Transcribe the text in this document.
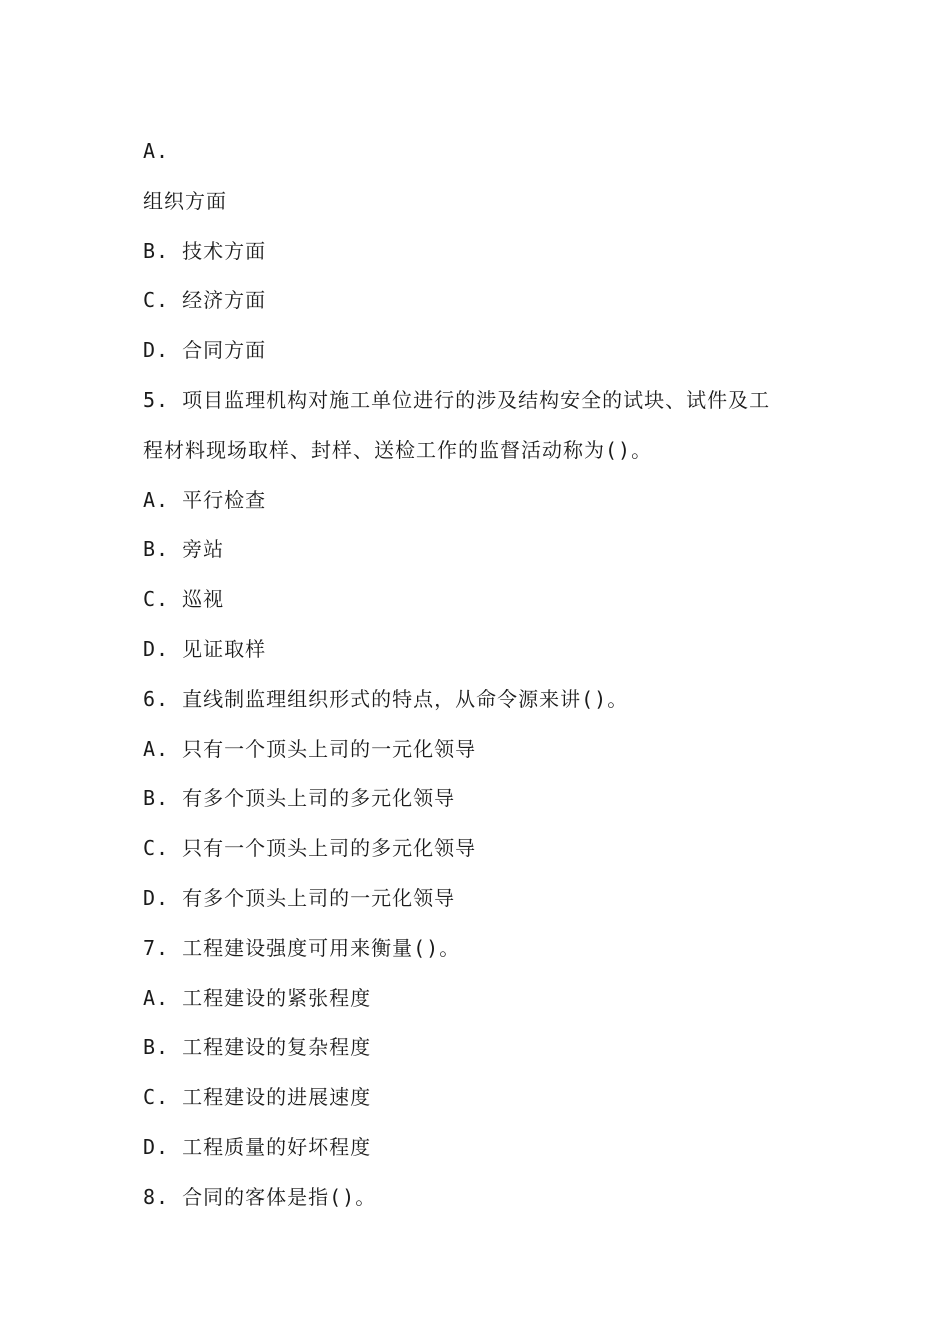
A.
组织方面
B. 技术方面
C. 经济方面
D. 合同方面
5. 项目监理机构对施工单位进行的涉及结构安全的试块、试件及工
程材料现场取样、封样、送检工作的监督活动称为()。
A. 平行检查
B. 旁站
C. 巡视
D. 见证取样
6. 直线制监理组织形式的特点，从命令源来讲()。
A. 只有一个顶头上司的一元化领导
B. 有多个顶头上司的多元化领导
C. 只有一个顶头上司的多元化领导
D. 有多个顶头上司的一元化领导
7. 工程建设强度可用来衡量()。
A. 工程建设的紧张程度
B. 工程建设的复杂程度
C. 工程建设的进展速度
D. 工程质量的好坏程度
8. 合同的客体是指()。
